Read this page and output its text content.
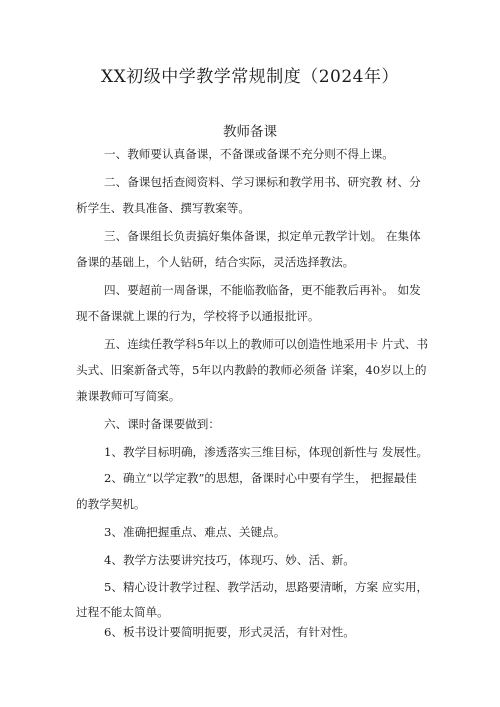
XX初级中学教学常规制度（2024年）
教师备课
一、教师要认真备课，不备课或备课不充分则不得上课。
二、备课包括查阅资料、学习课标和教学用书、研究教 材、分
析学生、教具准备、撰写教案等。
三、备课组长负责搞好集体备课，拟定单元教学计划。 在集体
备课的基础上，个人钻研，结合实际，灵活选择教法。
四、要超前一周备课，不能临教临备，更不能教后再补。 如发
现不备课就上课的行为，学校将予以通报批评。
五、连续任教学科5年以上的教师可以创造性地采用卡 片式、书
头式、旧案新备式等，5年以内教龄的教师必须备 详案，40岁以上的
兼课教师可写简案。
六、课时备课要做到：
1、教学目标明确，渗透落实三维目标，体现创新性与 发展性。
2、确立“以学定教”的思想，备课时心中要有学生， 把握最佳
的教学契机。
3、准确把握重点、难点、关键点。
4、教学方法要讲究技巧，体现巧、妙、活、新。
5、精心设计教学过程、教学活动，思路要清晰，方案 应实用，
过程不能太简单。
6、板书设计要简明扼要，形式灵活，有针对性。
